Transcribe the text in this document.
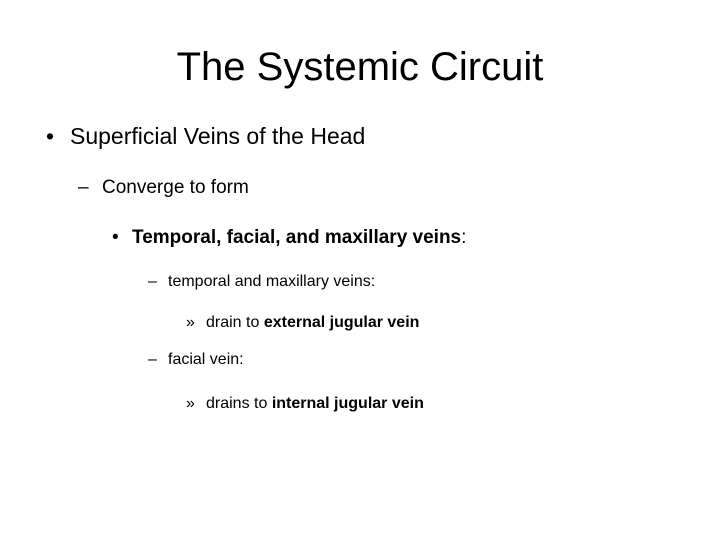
The Systemic Circuit
• Superficial Veins of the Head
– Converge to form
• Temporal, facial, and maxillary veins:
– temporal and maxillary veins:
» drain to external jugular vein
– facial vein:
» drains to internal jugular vein
